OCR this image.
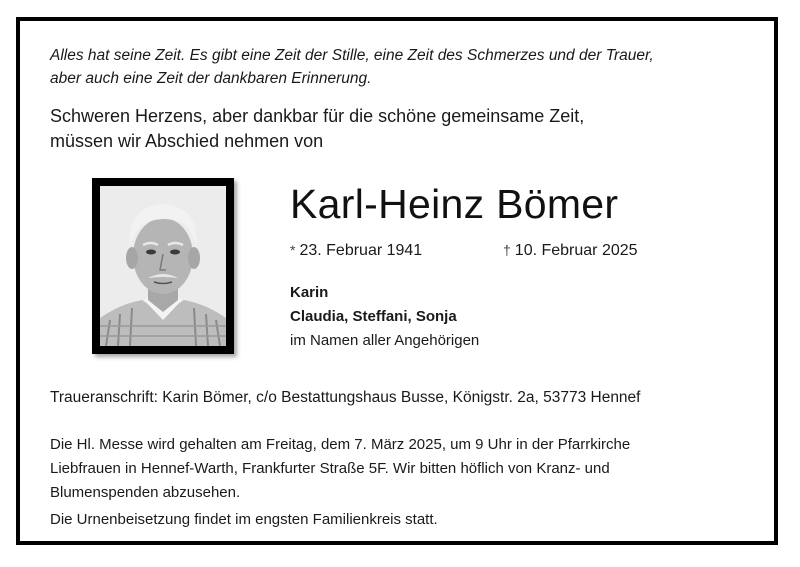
Alles hat seine Zeit. Es gibt eine Zeit der Stille, eine Zeit des Schmerzes und der Trauer,
aber auch eine Zeit der dankbaren Erinnerung.
Schweren Herzens, aber dankbar für die schöne gemeinsame Zeit,
müssen wir Abschied nehmen von
Karl-Heinz Bömer
* 23. Februar 1941	† 10. Februar 2025
Karin
Claudia, Steffani, Sonja
im Namen aller Angehörigen
Traueranschrift: Karin Bömer, c/o Bestattungshaus Busse, Königstr. 2a, 53773 Hennef
Die Hl. Messe wird gehalten am Freitag, dem 7. März 2025, um 9 Uhr in der Pfarrkirche
Liebfrauen in Hennef-Warth, Frankfurter Straße 5F. Wir bitten höflich von Kranz- und
Blumenspenden abzusehen.
Die Urnenbeisetzung findet im engsten Familienkreis statt.
